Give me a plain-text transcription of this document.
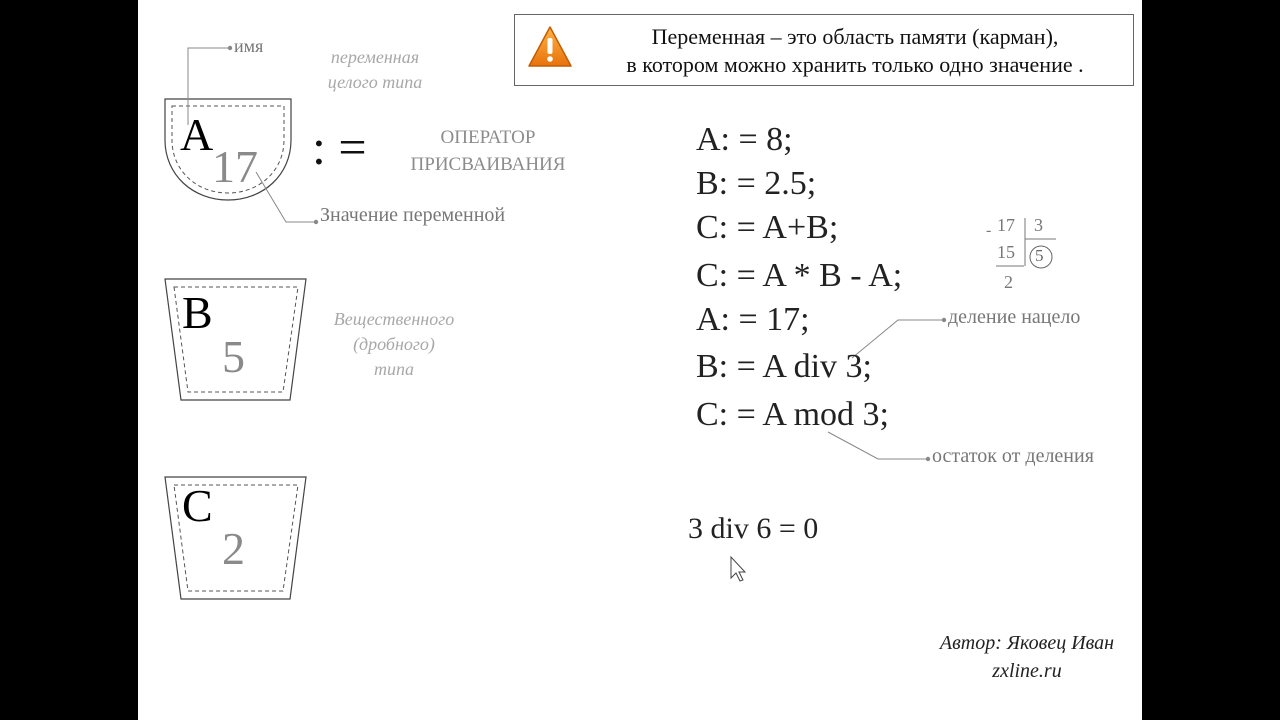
Переменная – это область памяти (карман),
в котором можно хранить только одно значение .
A
17
B
5
C
2
имя
переменная
целого типа
: =	ОПЕРАТОР
ПРИСВАИВАНИЯ
Значение переменной
Вещественного
(дробного)
типа
A: = 8;
B: = 2.5;
C: = A+B;
C: = A * B - A;
A: = 17;
B: = A div 3;
C: = A mod 3;
деление нацело
остаток от деления
- 17 3
15 5
2
3 div 6 = 0
Автор: Яковец Иван
zxline.ru
